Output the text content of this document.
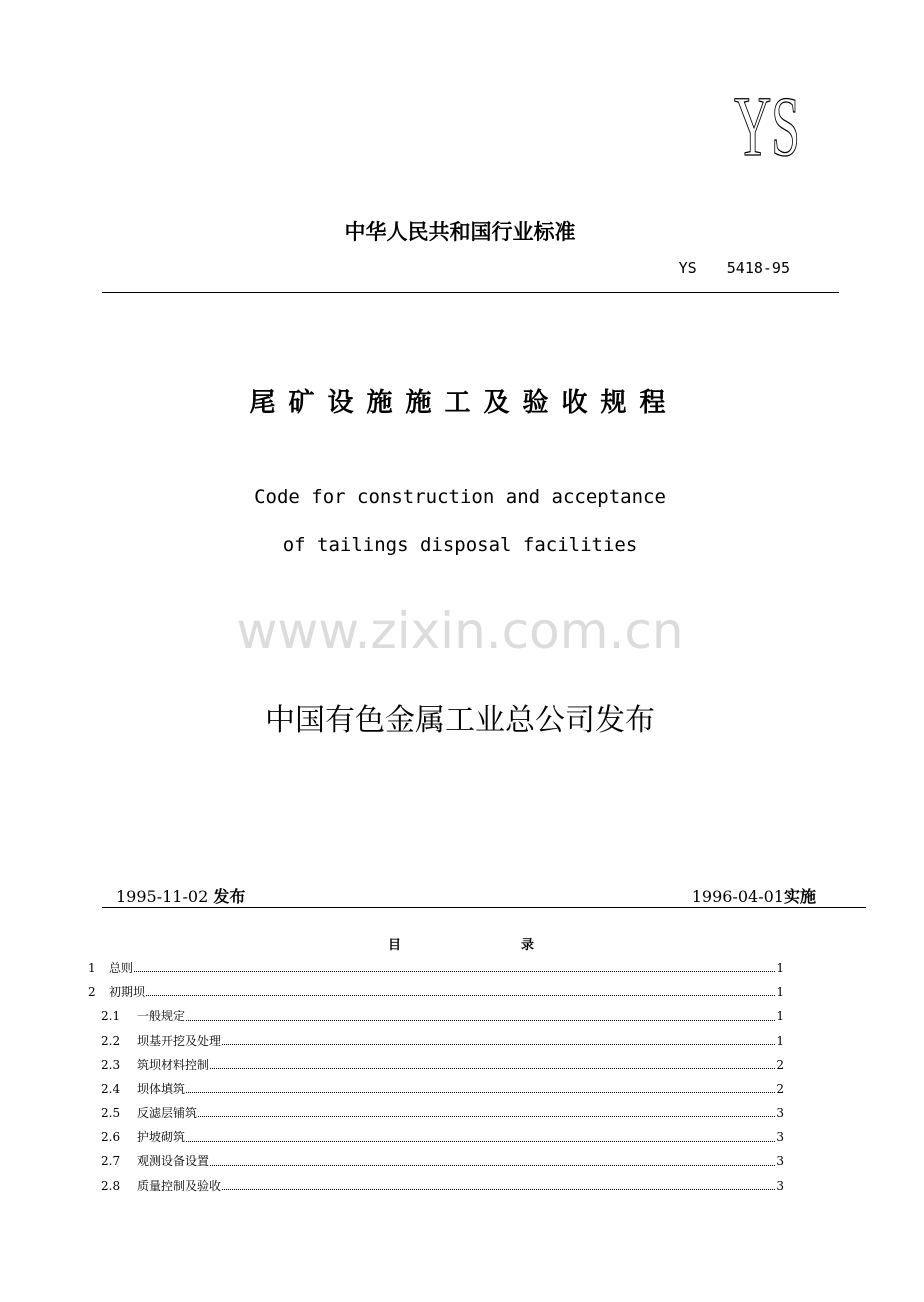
YS
中华人民共和国行业标准
YS  5418-95
尾矿设施施工及验收规程
Code for construction and acceptance
of tailings disposal facilities
www.zixin.com.cn
中国有色金属工业总公司发布
1995-11-02 发布	1996-04-01实施
目	录
1	总则	1
2	初期坝	1
2.1	一般规定	1
2.2	坝基开挖及处理	1
2.3	筑坝材料控制	2
2.4	坝体填筑	2
2.5	反滤层铺筑	3
2.6	护坡砌筑	3
2.7	观测设备设置	3
2.8	质量控制及验收	3
